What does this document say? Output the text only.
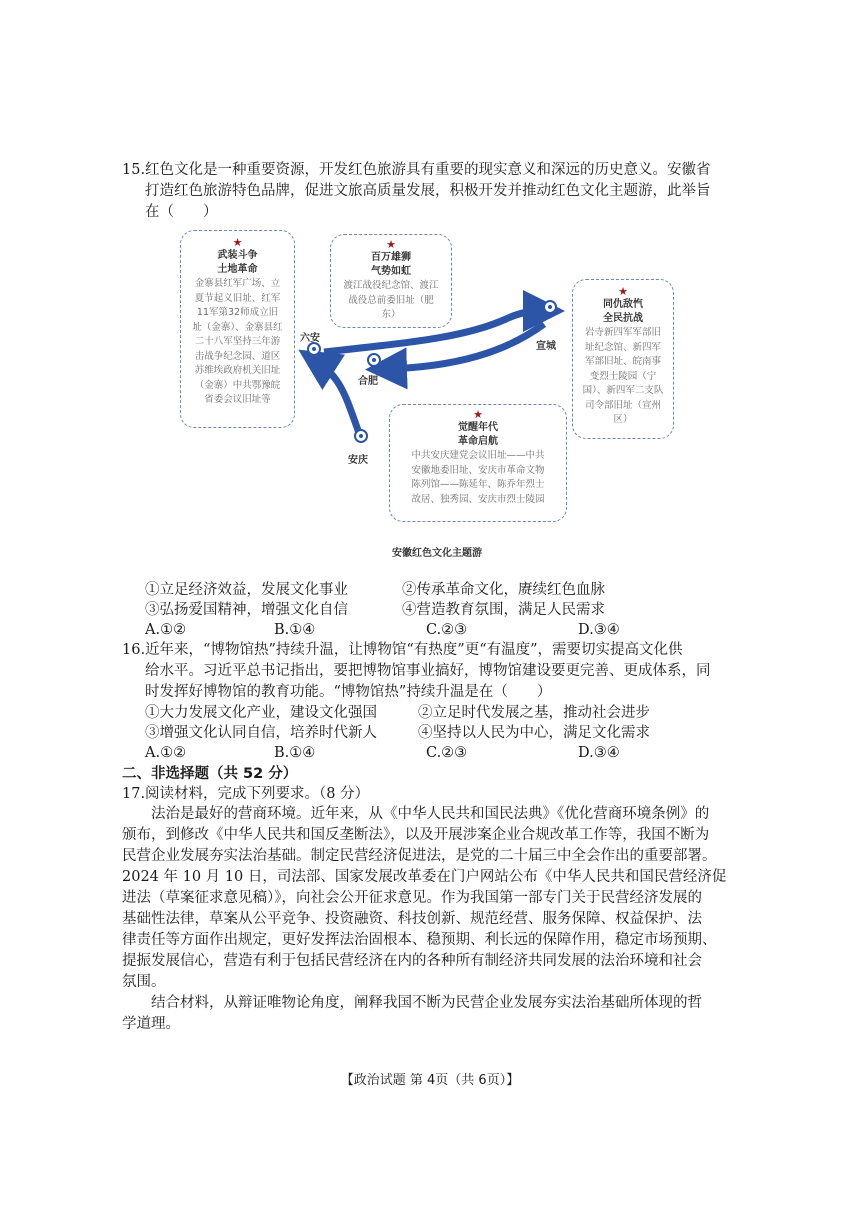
15.红色文化是一种重要资源，开发红色旅游具有重要的现实意义和深远的历史意义。安徽省
打造红色旅游特色品牌，促进文旅高质量发展，积极开发并推动红色文化主题游，此举旨
在（　　）
★
武装斗争
土地革命
金寨县红军广场、立
夏节起义旧址、红军
11军第32师成立旧
址（金寨）、金寨县红
二十八军坚持三年游
击战争纪念园、道区
苏维埃政府机关旧址
（金寨）中共鄂豫皖
省委会议旧址等
★
百万雄狮
气势如虹
渡江战役纪念馆、渡江
战役总前委旧址（肥
东）
★
同仇敌忾
全民抗战
岩寺新四军军部旧
址纪念馆、新四军
军部旧址、皖南事
变烈士陵园（宁
国）、新四军二支队
司令部旧址（宣州
区）
★
觉醒年代
革命启航
中共安庆建党会议旧址——中共
安徽地委旧址、安庆市革命文物
陈列馆——陈延年、陈乔年烈士
故居、独秀园、安庆市烈士陵园
六安
合肥
宣城
安庆
安徽红色文化主题游
①立足经济效益，发展文化事业	②传承革命文化，赓续红色血脉
③弘扬爱国精神，增强文化自信	④营造教育氛围，满足人民需求
A.①②	B.①④	C.②③	D.③④
16.近年来，“博物馆热”持续升温，让博物馆“有热度”更“有温度”，需要切实提高文化供
给水平。习近平总书记指出，要把博物馆事业搞好，博物馆建设要更完善、更成体系，同
时发挥好博物馆的教育功能。“博物馆热”持续升温是在（　　）
①大力发展文化产业，建设文化强国	②立足时代发展之基，推动社会进步
③增强文化认同自信，培养时代新人	④坚持以人民为中心，满足文化需求
A.①②	B.①④	C.②③	D.③④
二、非选择题（共 52 分）
17.阅读材料，完成下列要求。（8 分）
　　法治是最好的营商环境。近年来，从《中华人民共和国民法典》《优化营商环境条例》的
颁布，到修改《中华人民共和国反垄断法》，以及开展涉案企业合规改革工作等，我国不断为
民营企业发展夯实法治基础。制定民营经济促进法，是党的二十届三中全会作出的重要部署。
2024 年 10 月 10 日，司法部、国家发展改革委在门户网站公布《中华人民共和国民营经济促
进法（草案征求意见稿）》，向社会公开征求意见。作为我国第一部专门关于民营经济发展的
基础性法律，草案从公平竞争、投资融资、科技创新、规范经营、服务保障、权益保护、法
律责任等方面作出规定，更好发挥法治固根本、稳预期、利长远的保障作用，稳定市场预期、
提振发展信心，营造有利于包括民营经济在内的各种所有制经济共同发展的法治环境和社会
氛围。
　　结合材料，从辩证唯物论角度，阐释我国不断为民营企业发展夯实法治基础所体现的哲
学道理。
【政治试题 第 4页（共 6页）】
